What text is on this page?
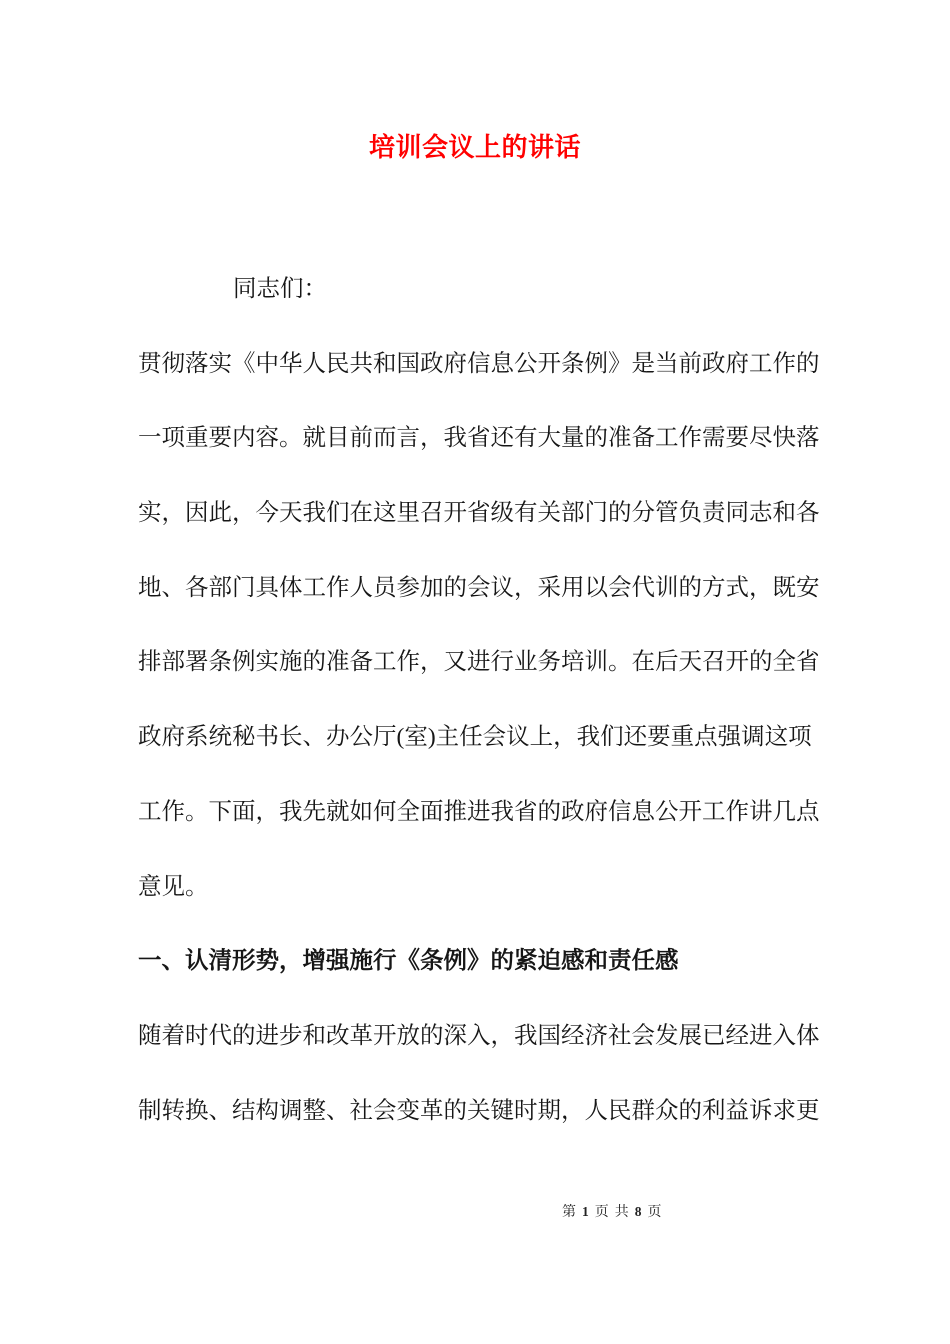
培训会议上的讲话
同志们：
贯彻落实《中华人民共和国政府信息公开条例》是当前政府工作的
一项重要内容。就目前而言，我省还有大量的准备工作需要尽快落
实，因此，今天我们在这里召开省级有关部门的分管负责同志和各
地、各部门具体工作人员参加的会议，采用以会代训的方式，既安
排部署条例实施的准备工作，又进行业务培训。在后天召开的全省
政府系统秘书长、办公厅(室)主任会议上，我们还要重点强调这项
工作。下面，我先就如何全面推进我省的政府信息公开工作讲几点
意见。
一、认清形势，增强施行《条例》的紧迫感和责任感
随着时代的进步和改革开放的深入，我国经济社会发展已经进入体
制转换、结构调整、社会变革的关键时期，人民群众的利益诉求更
第 1 页 共 8 页
